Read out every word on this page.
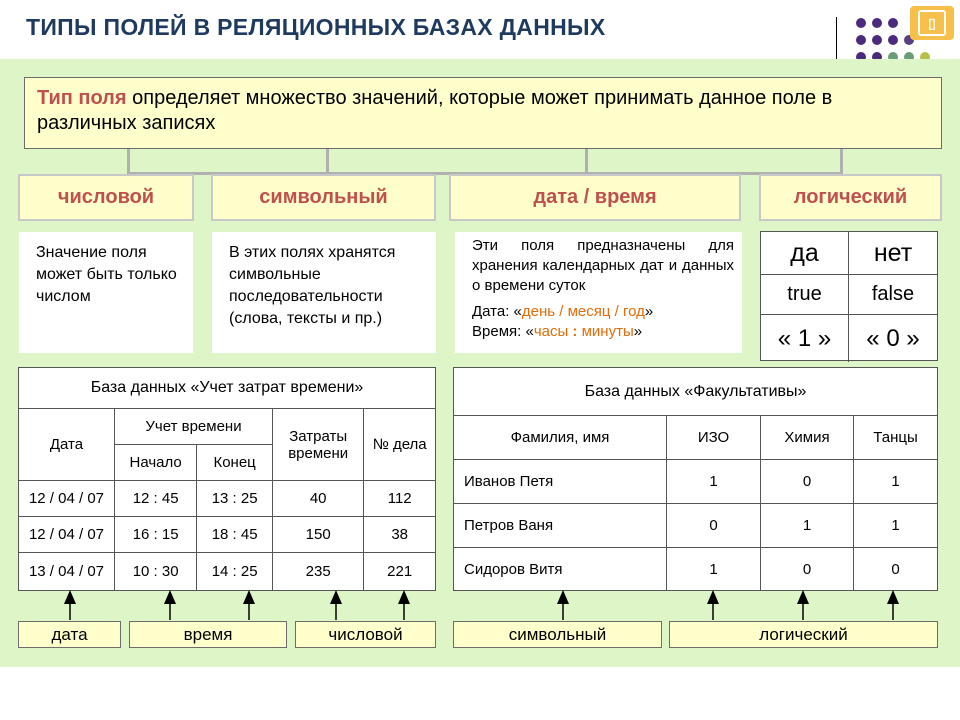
ТИПЫ ПОЛЕЙ В РЕЛЯЦИОННЫХ БАЗАХ ДАННЫХ	▯
Тип поля определяет множество значений, которые может принимать данное поле в различных записях
числовой	символьный	дата / время	логический
Значение поля может быть только числом
В этих полях хранятся символьные последовательности (слова, тексты и пр.)
Эти поля предназначены для хранения календарных дат и данных о времени суток
Дата: «день / месяц / год»
Время: «часы : минуты»
да	нет
true	false
« 1 »	« 0 »
База данных «Учет затрат времени»				
Дата	Учет времени		Затраты времени	№ дела
	Начало	Конец		
12 / 04 / 07	12 : 45	13 : 25	40	112
12 / 04 / 07	16 : 15	18 : 45	150	38
13 / 04 / 07	10 : 30	14 : 25	235	221
База данных «Факультативы»			
Фамилия, имя	ИЗО	Химия	Танцы
Иванов Петя	1	0	1
Петров Ваня	0	1	1
Сидоров Витя	1	0	0
дата	время	числовой	символьный	логический
